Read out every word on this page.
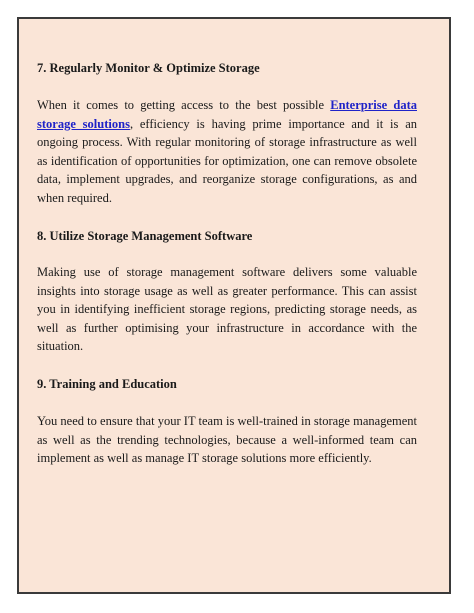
7. Regularly Monitor & Optimize Storage

When it comes to getting access to the best possible Enterprise data storage solutions, efficiency is having prime importance and it is an ongoing process. With regular monitoring of storage infrastructure as well as identification of opportunities for optimization, one can remove obsolete data, implement upgrades, and reorganize storage configurations, as and when required.

8. Utilize Storage Management Software

Making use of storage management software delivers some valuable insights into storage usage as well as greater performance. This can assist you in identifying inefficient storage regions, predicting storage needs, as well as further optimising your infrastructure in accordance with the situation.

9. Training and Education

You need to ensure that your IT team is well-trained in storage management as well as the trending technologies, because a well-informed team can implement as well as manage IT storage solutions more efficiently.
